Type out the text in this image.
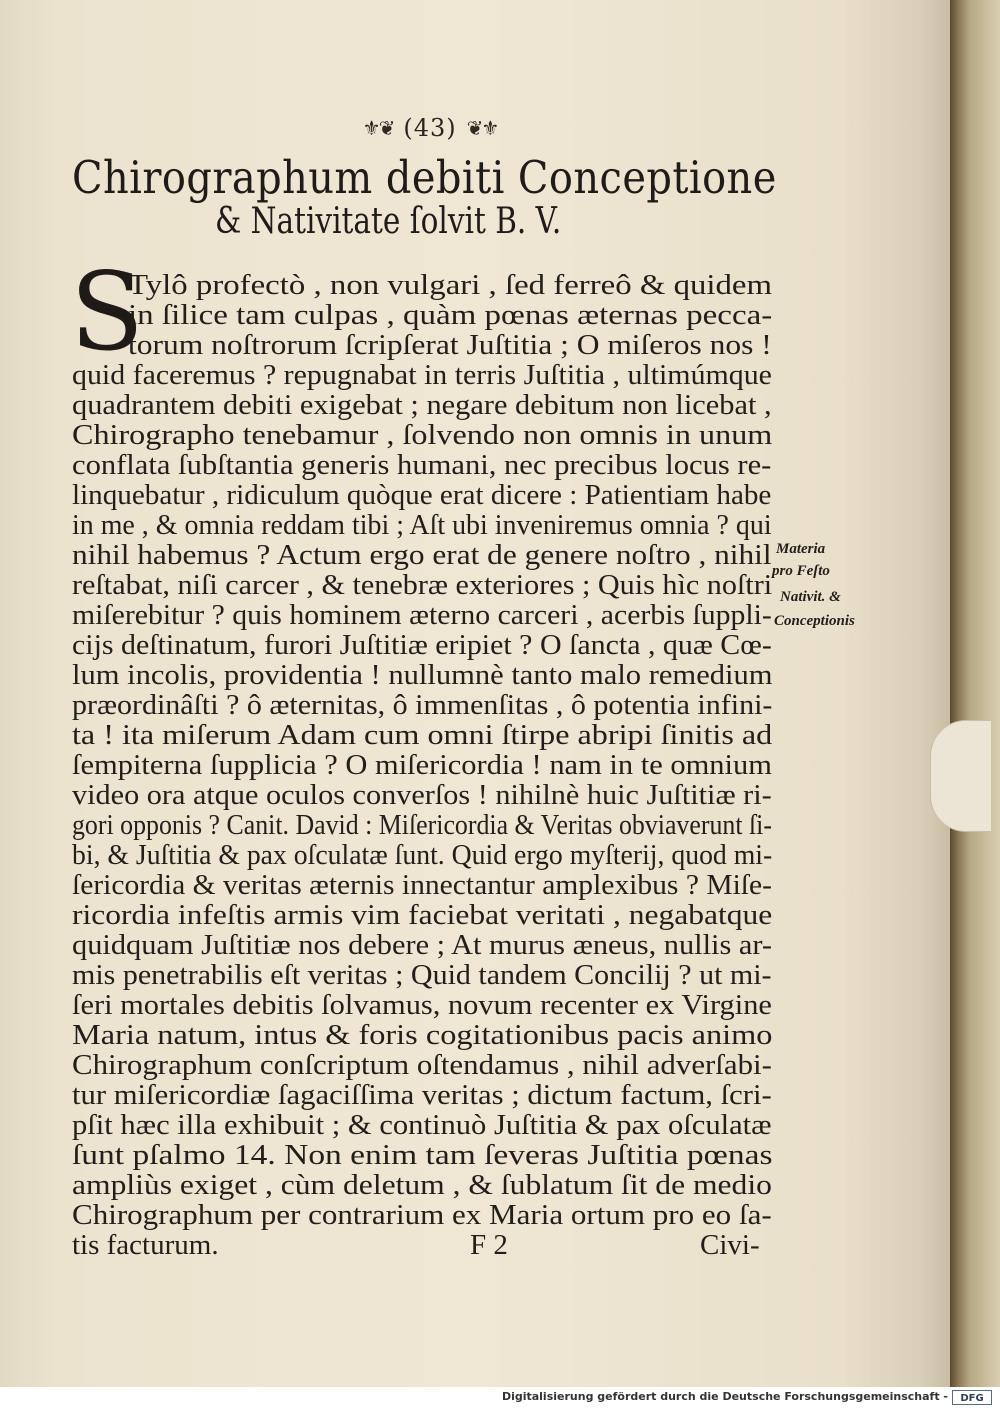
⚜❦ (43) ❦⚜
Chirographum debiti Conceptione
& Nativitate ſolvit B. V.
S
Tylô profectò , non vulgari , ſed ferreô & quidem
in ſilice tam culpas , quàm pœnas æternas pecca-
torum noſtrorum ſcripſerat Juſtitia ; O miſeros nos !
quid faceremus ? repugnabat in terris Juſtitia , ultimúmque
quadrantem debiti exigebat ; negare debitum non licebat ,
Chirographo tenebamur , ſolvendo non omnis in unum
conflata ſubſtantia generis humani, nec precibus locus re-
linquebatur , ridiculum quòque erat dicere : Patientiam habe
in me , & omnia reddam tibi ; Aſt ubi inveniremus omnia ? qui
nihil habemus ? Actum ergo erat de genere noſtro , nihil
reſtabat, niſi carcer , & tenebræ exteriores ; Quis hìc noſtri
miſerebitur ? quis hominem æterno carceri , acerbis ſuppli-
cijs deſtinatum, furori Juſtitiæ eripiet ? O ſancta , quæ Cœ-
lum incolis, providentia ! nullumnè tanto malo remedium
præordinâſti ? ô æternitas, ô immenſitas , ô potentia infini-
ta ! ita miſerum Adam cum omni ſtirpe abripi ſinitis ad
ſempiterna ſupplicia ? O miſericordia ! nam in te omnium
video ora atque oculos converſos ! nihilnè huic Juſtitiæ ri-
gori opponis ? Canit. David : Miſericordia & Veritas obviaverunt ſi-
bi, & Juſtitia & pax oſculatæ ſunt. Quid ergo myſterij, quod mi-
ſericordia & veritas æternis innectantur amplexibus ? Miſe-
ricordia infeſtis armis vim faciebat veritati , negabatque
quidquam Juſtitiæ nos debere ; At murus æneus, nullis ar-
mis penetrabilis eſt veritas ; Quid tandem Concilij ? ut mi-
ſeri mortales debitis ſolvamus, novum recenter ex Virgine
Maria natum, intus & foris cogitationibus pacis animo
Chirographum conſcriptum oſtendamus , nihil adverſabi-
tur miſericordiæ ſagaciſſima veritas ; dictum factum, ſcri-
pſit hæc illa exhibuit ; & continuò Juſtitia & pax oſculatæ
ſunt pſalmo 14. Non enim tam ſeveras Juſtitia pœnas
ampliùs exiget , cùm deletum , & ſublatum ſit de medio
Chirographum per contrarium ex Maria ortum pro eo ſa-
tis facturum.	F 2	Civi-
Materia
pro Feſto
Nativit. &
Conceptionis
Digitalisierung gefördert durch die Deutsche Forschungsgemeinschaft -	DFG
